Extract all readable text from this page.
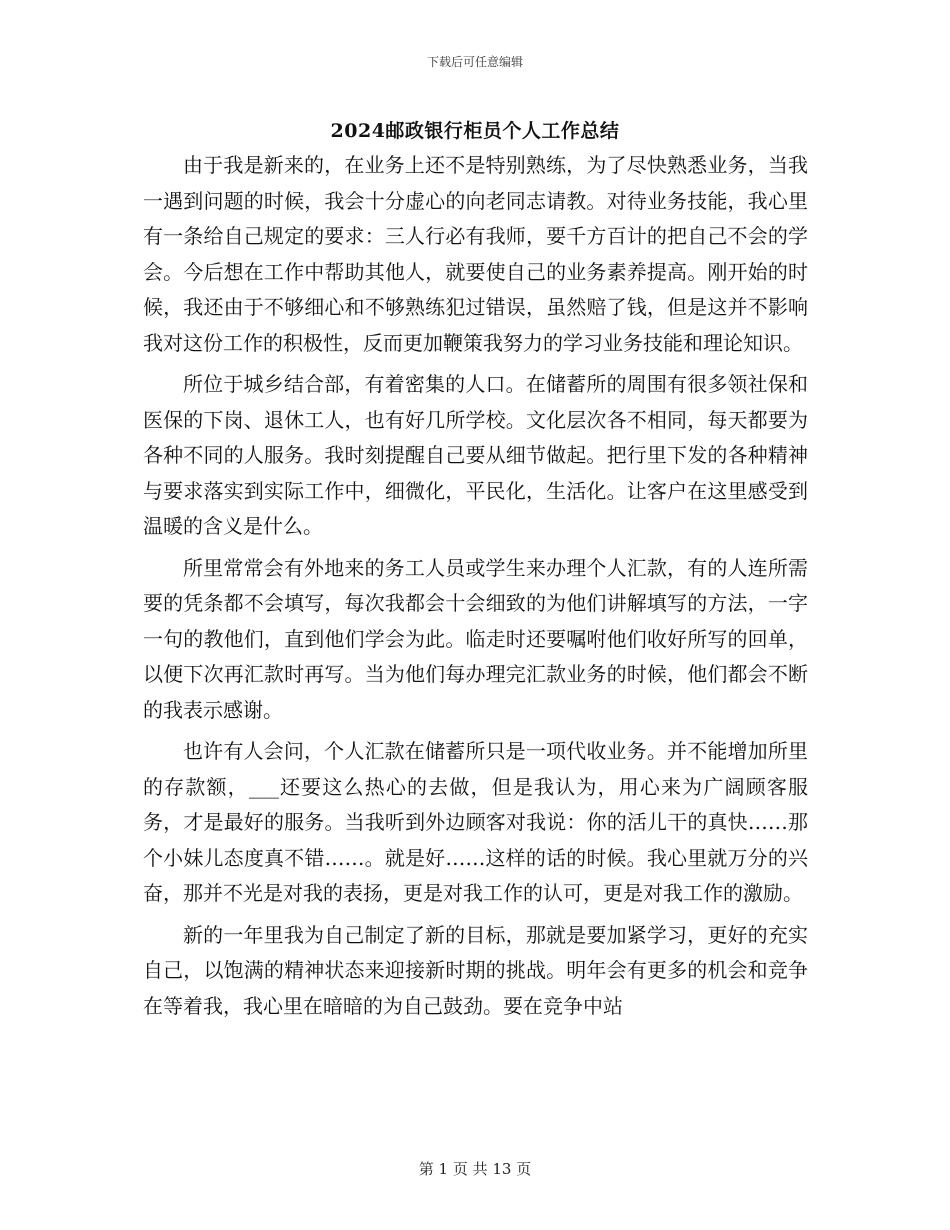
下载后可任意编辑
2024邮政银行柜员个人工作总结

由于我是新来的，在业务上还不是特别熟练，为了尽快熟悉业务，当我一遇到问题的时候，我会十分虚心的向老同志请教。对待业务技能，我心里有一条给自己规定的要求：三人行必有我师，要千方百计的把自己不会的学会。今后想在工作中帮助其他人，就要使自己的业务素养提高。刚开始的时候，我还由于不够细心和不够熟练犯过错误，虽然赔了钱，但是这并不影响我对这份工作的积极性，反而更加鞭策我努力的学习业务技能和理论知识。

所位于城乡结合部，有着密集的人口。在储蓄所的周围有很多领社保和医保的下岗、退休工人，也有好几所学校。文化层次各不相同，每天都要为各种不同的人服务。我时刻提醒自己要从细节做起。把行里下发的各种精神与要求落实到实际工作中，细微化，平民化，生活化。让客户在这里感受到温暖的含义是什么。

所里常常会有外地来的务工人员或学生来办理个人汇款，有的人连所需要的凭条都不会填写，每次我都会十会细致的为他们讲解填写的方法，一字一句的教他们，直到他们学会为此。临走时还要嘱咐他们收好所写的回单，以便下次再汇款时再写。当为他们每办理完汇款业务的时候，他们都会不断的我表示感谢。

也许有人会问，个人汇款在储蓄所只是一项代收业务。并不能增加所里的存款额，___还要这么热心的去做，但是我认为，用心来为广阔顾客服务，才是最好的服务。当我听到外边顾客对我说：你的活儿干的真快……那个小妹儿态度真不错……。就是好……这样的话的时候。我心里就万分的兴奋，那并不光是对我的表扬，更是对我工作的认可，更是对我工作的激励。

新的一年里我为自己制定了新的目标，那就是要加紧学习，更好的充实自己，以饱满的精神状态来迎接新时期的挑战。明年会有更多的机会和竞争在等着我，我心里在暗暗的为自己鼓劲。要在竞争中站

第 1 页 共 13 页
